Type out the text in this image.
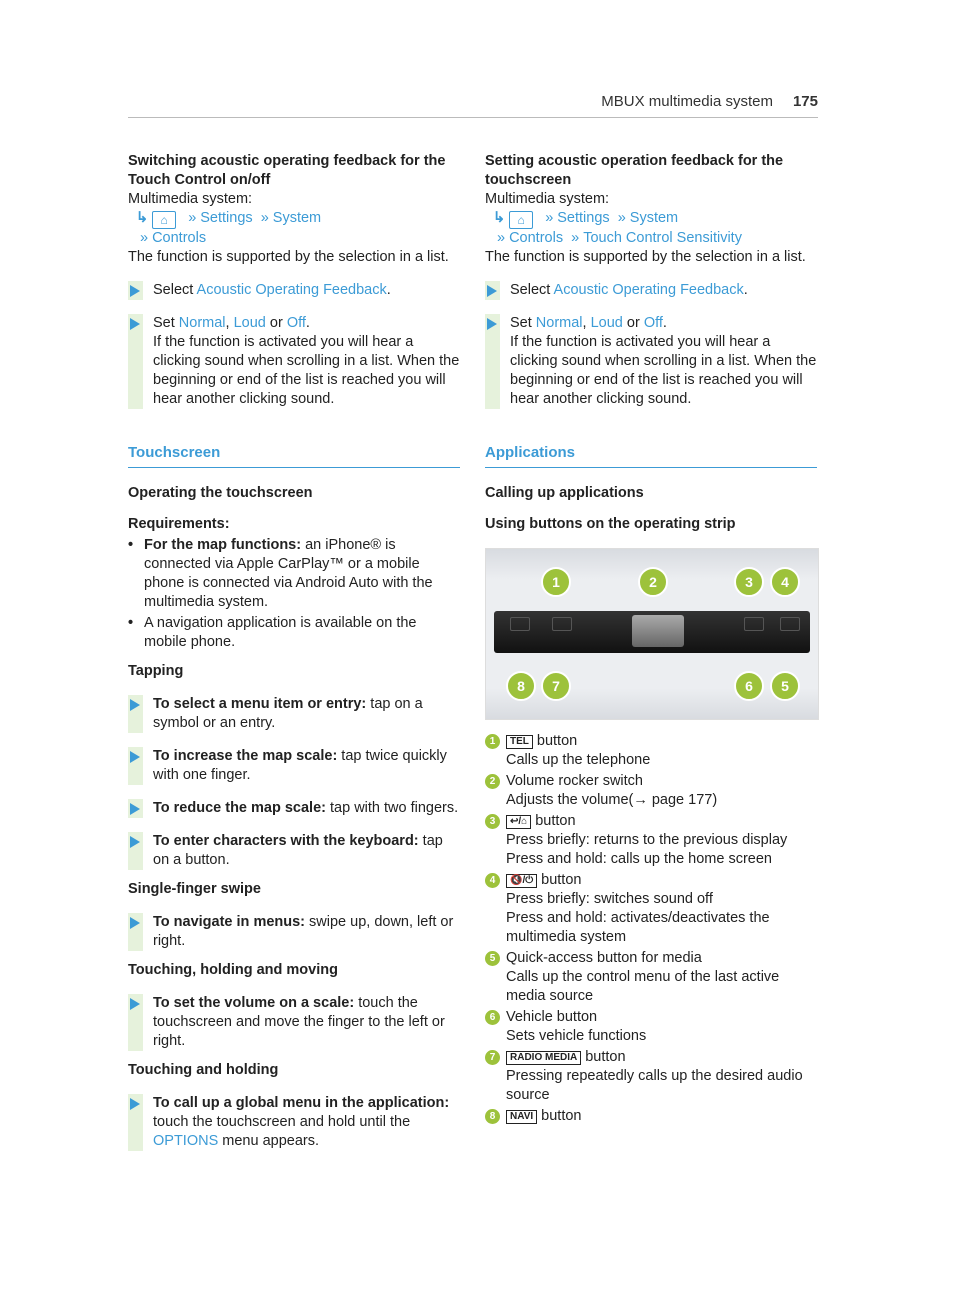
MBUX multimedia system 175

Switching acoustic operating feedback for the Touch Control on/off

Multimedia system:

↳ ⌂ » Settings » System
» Controls

The function is supported by the selection in a list.

Select Acoustic Operating Feedback.
Set Normal, Loud or Off.
If the function is activated you will hear a clicking sound when scrolling in a list. When the beginning or end of the list is reached you will hear another clicking sound.
Touchscreen

Operating the touchscreen

Requirements:

• For the map functions: an iPhone® is connected via Apple CarPlay™ or a mobile phone is connected via Android Auto with the multimedia system.
• A navigation application is available on the mobile phone.

Tapping

To select a menu item or entry: tap on a symbol or an entry.
To increase the map scale: tap twice quickly with one finger.
To reduce the map scale: tap with two fingers.
To enter characters with the keyboard: tap on a button.

Single-finger swipe

To navigate in menus: swipe up, down, left or right.

Touching, holding and moving

To set the volume on a scale: touch the touchscreen and move the finger to the left or right.

Touching and holding

To call up a global menu in the application: touch the touchscreen and hold until the OPTIONS menu appears.

Setting acoustic operation feedback for the touchscreen

Multimedia system:

↳ ⌂ » Settings » System
» Controls » Touch Control Sensitivity

The function is supported by the selection in a list.

Select Acoustic Operating Feedback.
Set Normal, Loud or Off.
If the function is activated you will hear a clicking sound when scrolling in a list. When the beginning or end of the list is reached you will hear another clicking sound.
Applications

Calling up applications

Using buttons on the operating strip

1	2	3	4
8	7	6	5
1 TEL button
Calls up the telephone
2 Volume rocker switch
Adjusts the volume(→ page 177)
3 ↩/⌂ button
Press briefly: returns to the previous display
Press and hold: calls up the home screen
4 🔇/⏻ button
Press briefly: switches sound off
Press and hold: activates/deactivates the multimedia system
5 Quick-access button for media
Calls up the control menu of the last active media source
6 Vehicle button
Sets vehicle functions
7 RADIO MEDIA button
Pressing repeatedly calls up the desired audio source
8 NAVI button
